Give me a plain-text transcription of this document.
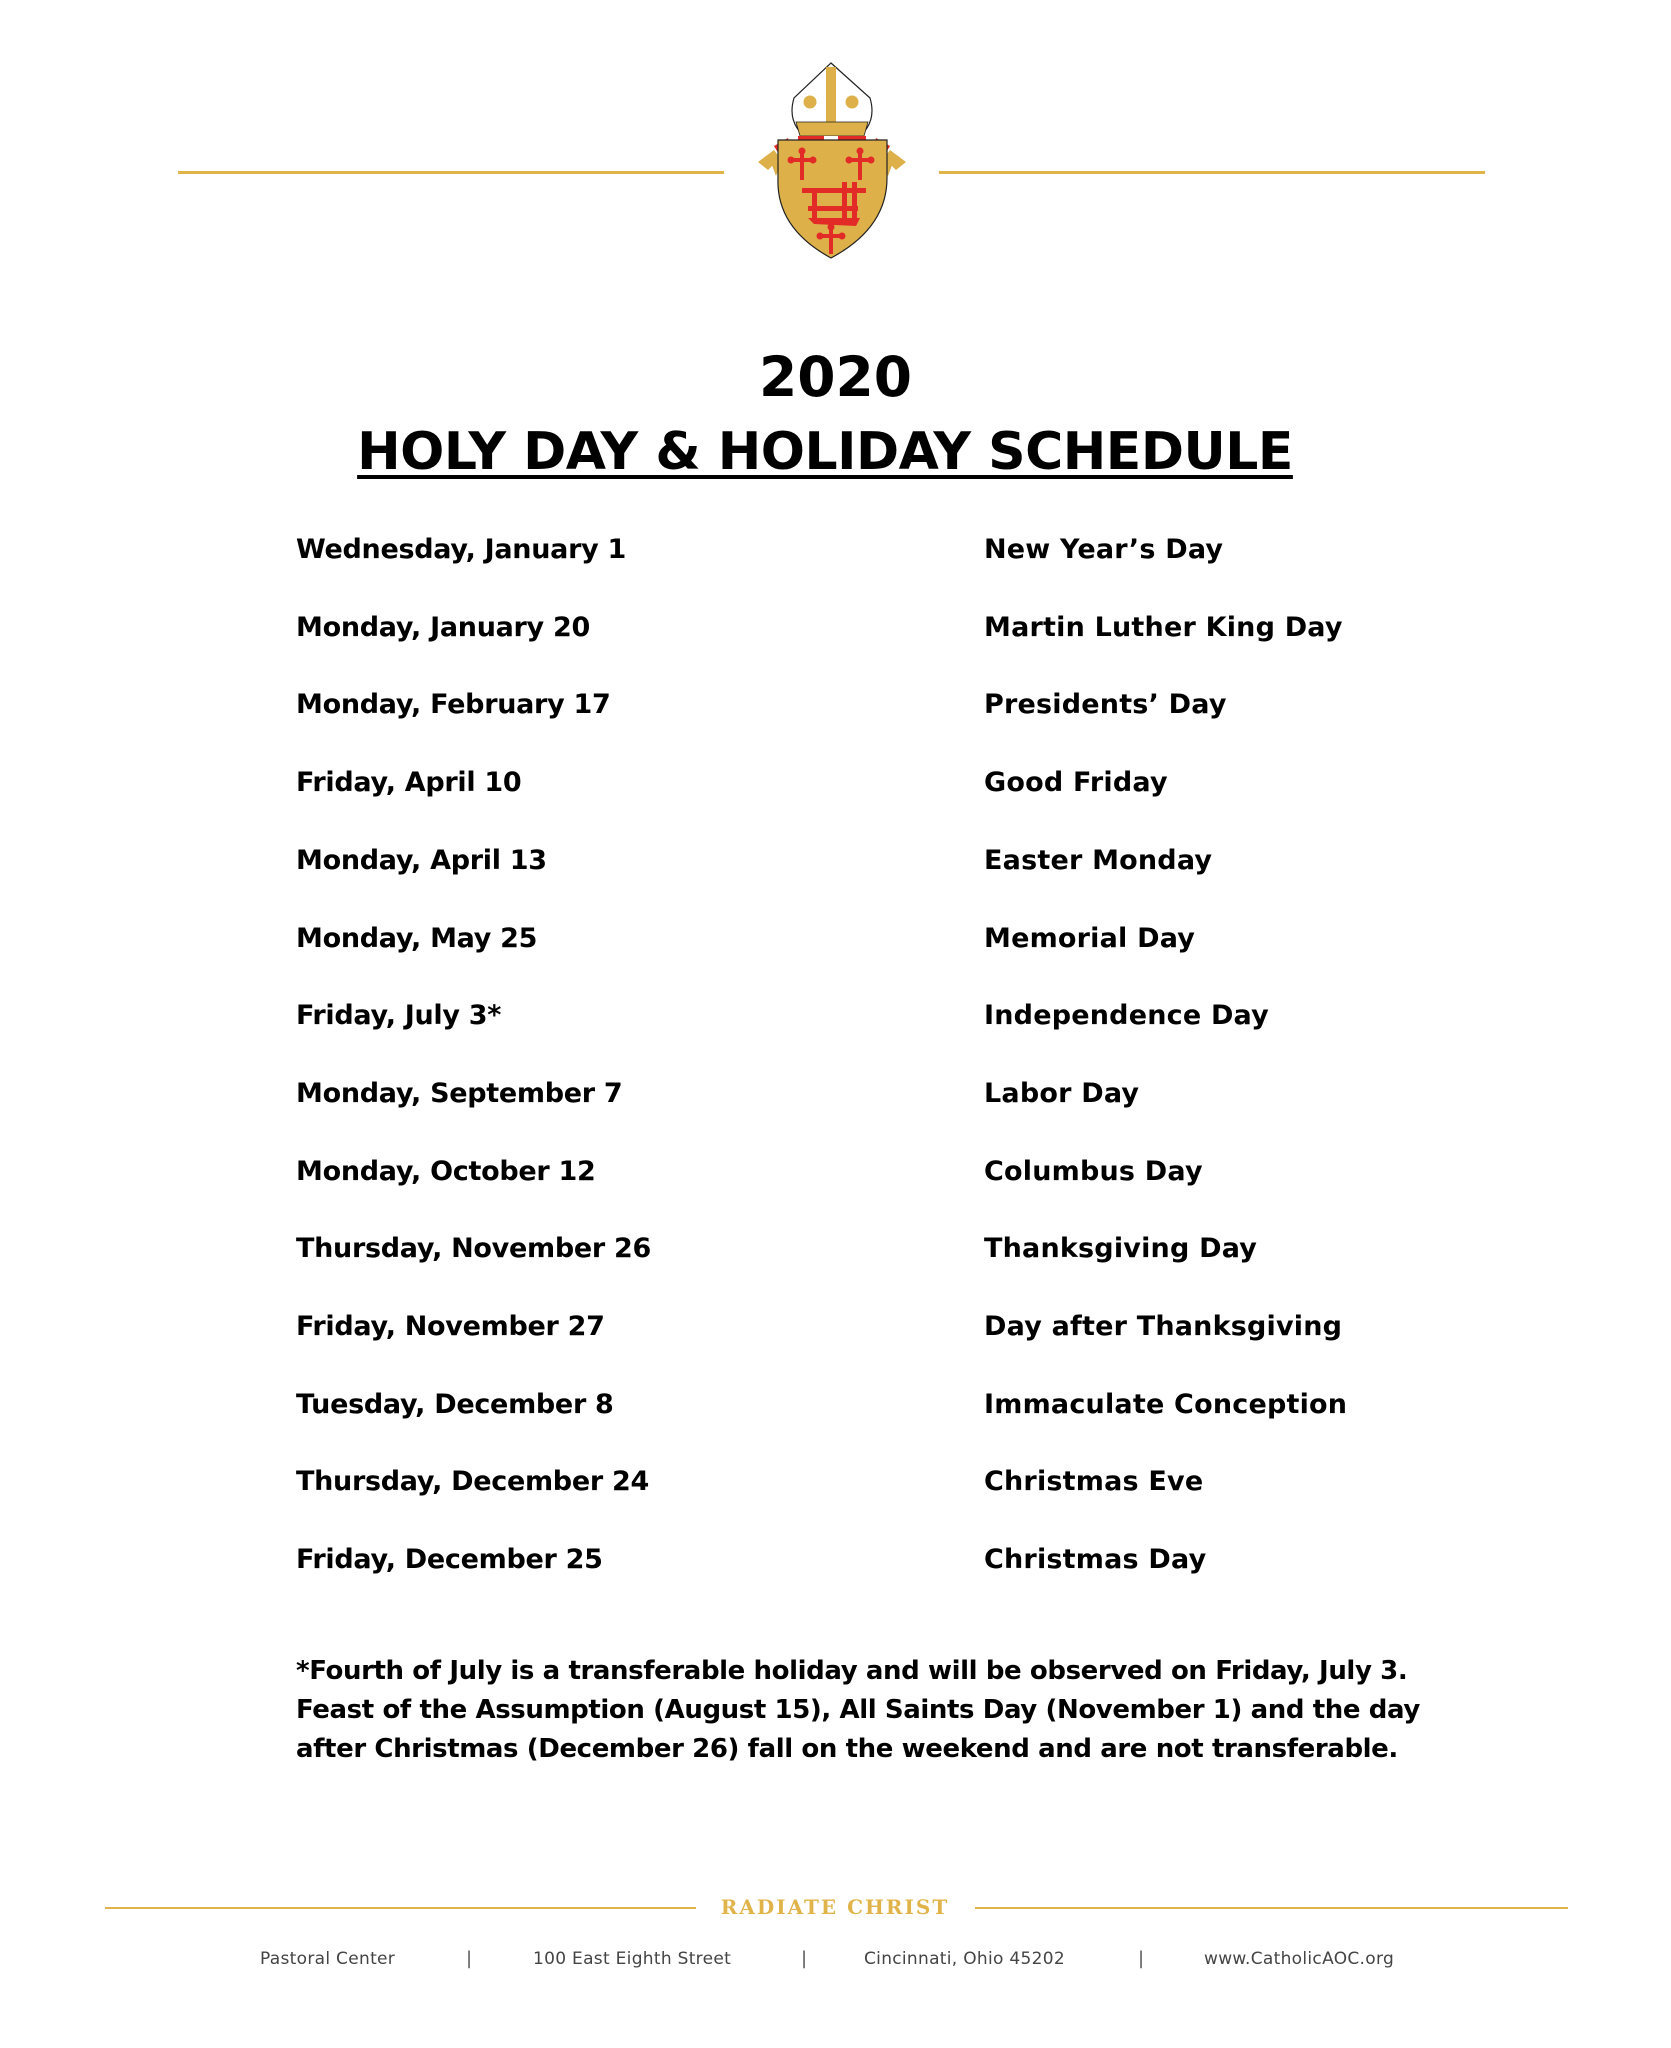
2020
HOLY DAY & HOLIDAY SCHEDULE
Wednesday, January 1	New Year’s Day
Monday, January 20	Martin Luther King Day
Monday, February 17	Presidents’ Day
Friday, April 10	Good Friday
Monday, April 13	Easter Monday
Monday, May 25	Memorial Day
Friday, July 3*	Independence Day
Monday, September 7	Labor Day
Monday, October 12	Columbus Day
Thursday, November 26	Thanksgiving Day
Friday, November 27	Day after Thanksgiving
Tuesday, December 8	Immaculate Conception
Thursday, December 24	Christmas Eve
Friday, December 25	Christmas Day
*Fourth of July is a transferable holiday and will be observed on Friday, July 3.
Feast of the Assumption (August 15), All Saints Day (November 1) and the day
after Christmas (December 26) fall on the weekend and are not transferable.
RADIATE CHRIST
Pastoral Center	|	100 East Eighth Street	|	Cincinnati, Ohio 45202	|	www.CatholicAOC.org
